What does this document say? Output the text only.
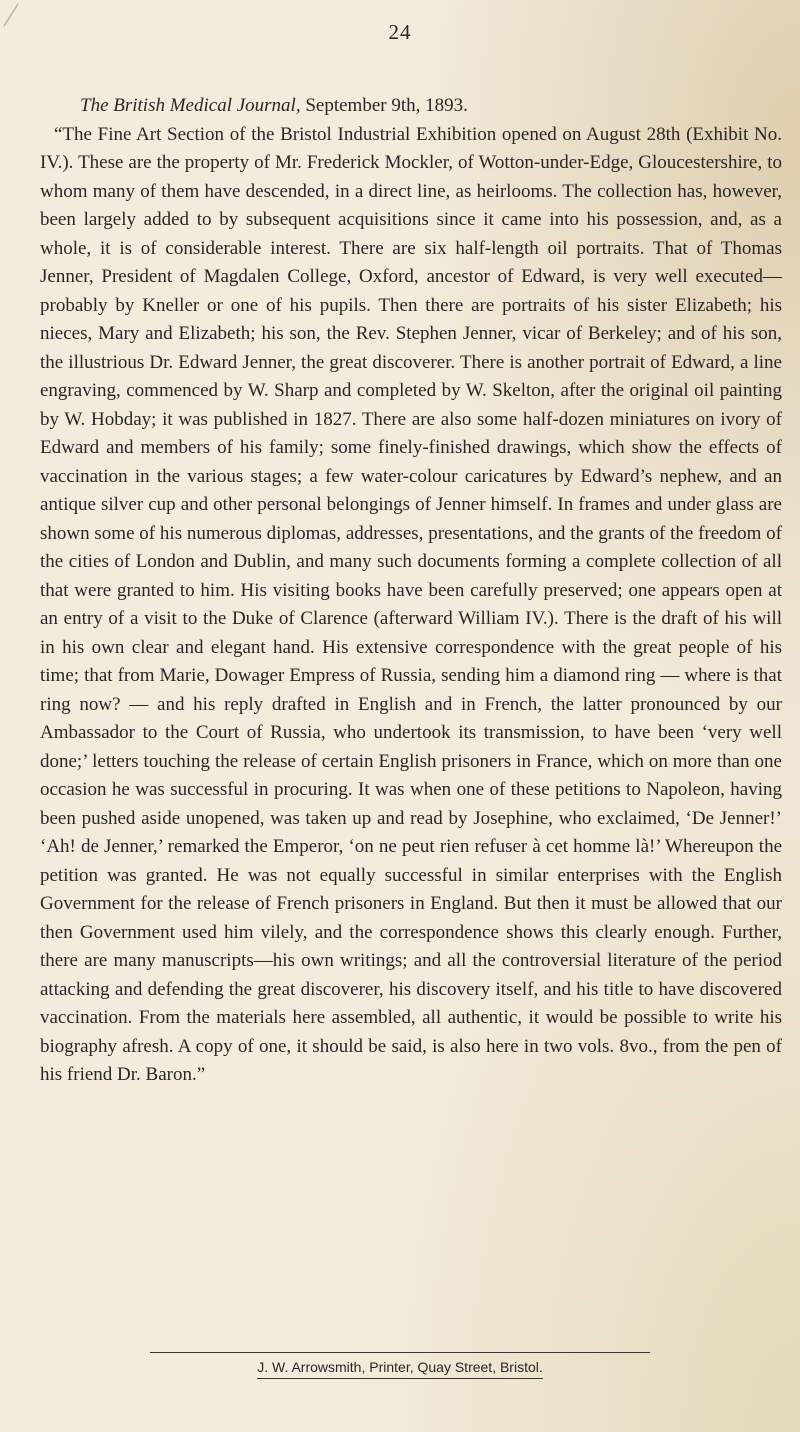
24

The British Medical Journal, September 9th, 1893.

“The Fine Art Section of the Bristol Industrial Exhibition opened on August 28th (Exhibit No. IV.). These are the property of Mr. Frederick Mockler, of Wotton-under-Edge, Gloucestershire, to whom many of them have descended, in a direct line, as heirlooms. The collection has, however, been largely added to by subsequent acquisitions since it came into his possession, and, as a whole, it is of considerable interest. There are six half-length oil portraits. That of Thomas Jenner, President of Magdalen College, Oxford, ancestor of Edward, is very well executed—probably by Kneller or one of his pupils. Then there are portraits of his sister Elizabeth; his nieces, Mary and Elizabeth; his son, the Rev. Stephen Jenner, vicar of Berkeley; and of his son, the illustrious Dr. Edward Jenner, the great discoverer. There is another portrait of Edward, a line engraving, commenced by W. Sharp and completed by W. Skelton, after the original oil painting by W. Hobday; it was published in 1827. There are also some half-dozen miniatures on ivory of Edward and members of his family; some finely-finished drawings, which show the effects of vaccination in the various stages; a few water-colour caricatures by Edward’s nephew, and an antique silver cup and other personal belongings of Jenner himself. In frames and under glass are shown some of his numerous diplomas, addresses, presentations, and the grants of the freedom of the cities of London and Dublin, and many such documents forming a complete collection of all that were granted to him. His visiting books have been carefully preserved; one appears open at an entry of a visit to the Duke of Clarence (afterward William IV.). There is the draft of his will in his own clear and elegant hand. His extensive correspondence with the great people of his time; that from Marie, Dowager Empress of Russia, sending him a diamond ring — where is that ring now? — and his reply drafted in English and in French, the latter pronounced by our Ambassador to the Court of Russia, who undertook its transmission, to have been ‘very well done;’ letters touching the release of certain English prisoners in France, which on more than one occasion he was successful in procuring. It was when one of these petitions to Napoleon, having been pushed aside unopened, was taken up and read by Josephine, who exclaimed, ‘De Jenner!’ ‘Ah! de Jenner,’ remarked the Emperor, ‘on ne peut rien refuser à cet homme là!’ Whereupon the petition was granted. He was not equally successful in similar enterprises with the English Government for the release of French prisoners in England. But then it must be allowed that our then Government used him vilely, and the correspondence shows this clearly enough. Further, there are many manuscripts—his own writings; and all the controversial literature of the period attacking and defending the great discoverer, his discovery itself, and his title to have discovered vaccination. From the materials here assembled, all authentic, it would be possible to write his biography afresh. A copy of one, it should be said, is also here in two vols. 8vo., from the pen of his friend Dr. Baron.”

J. W. Arrowsmith, Printer, Quay Street, Bristol.
